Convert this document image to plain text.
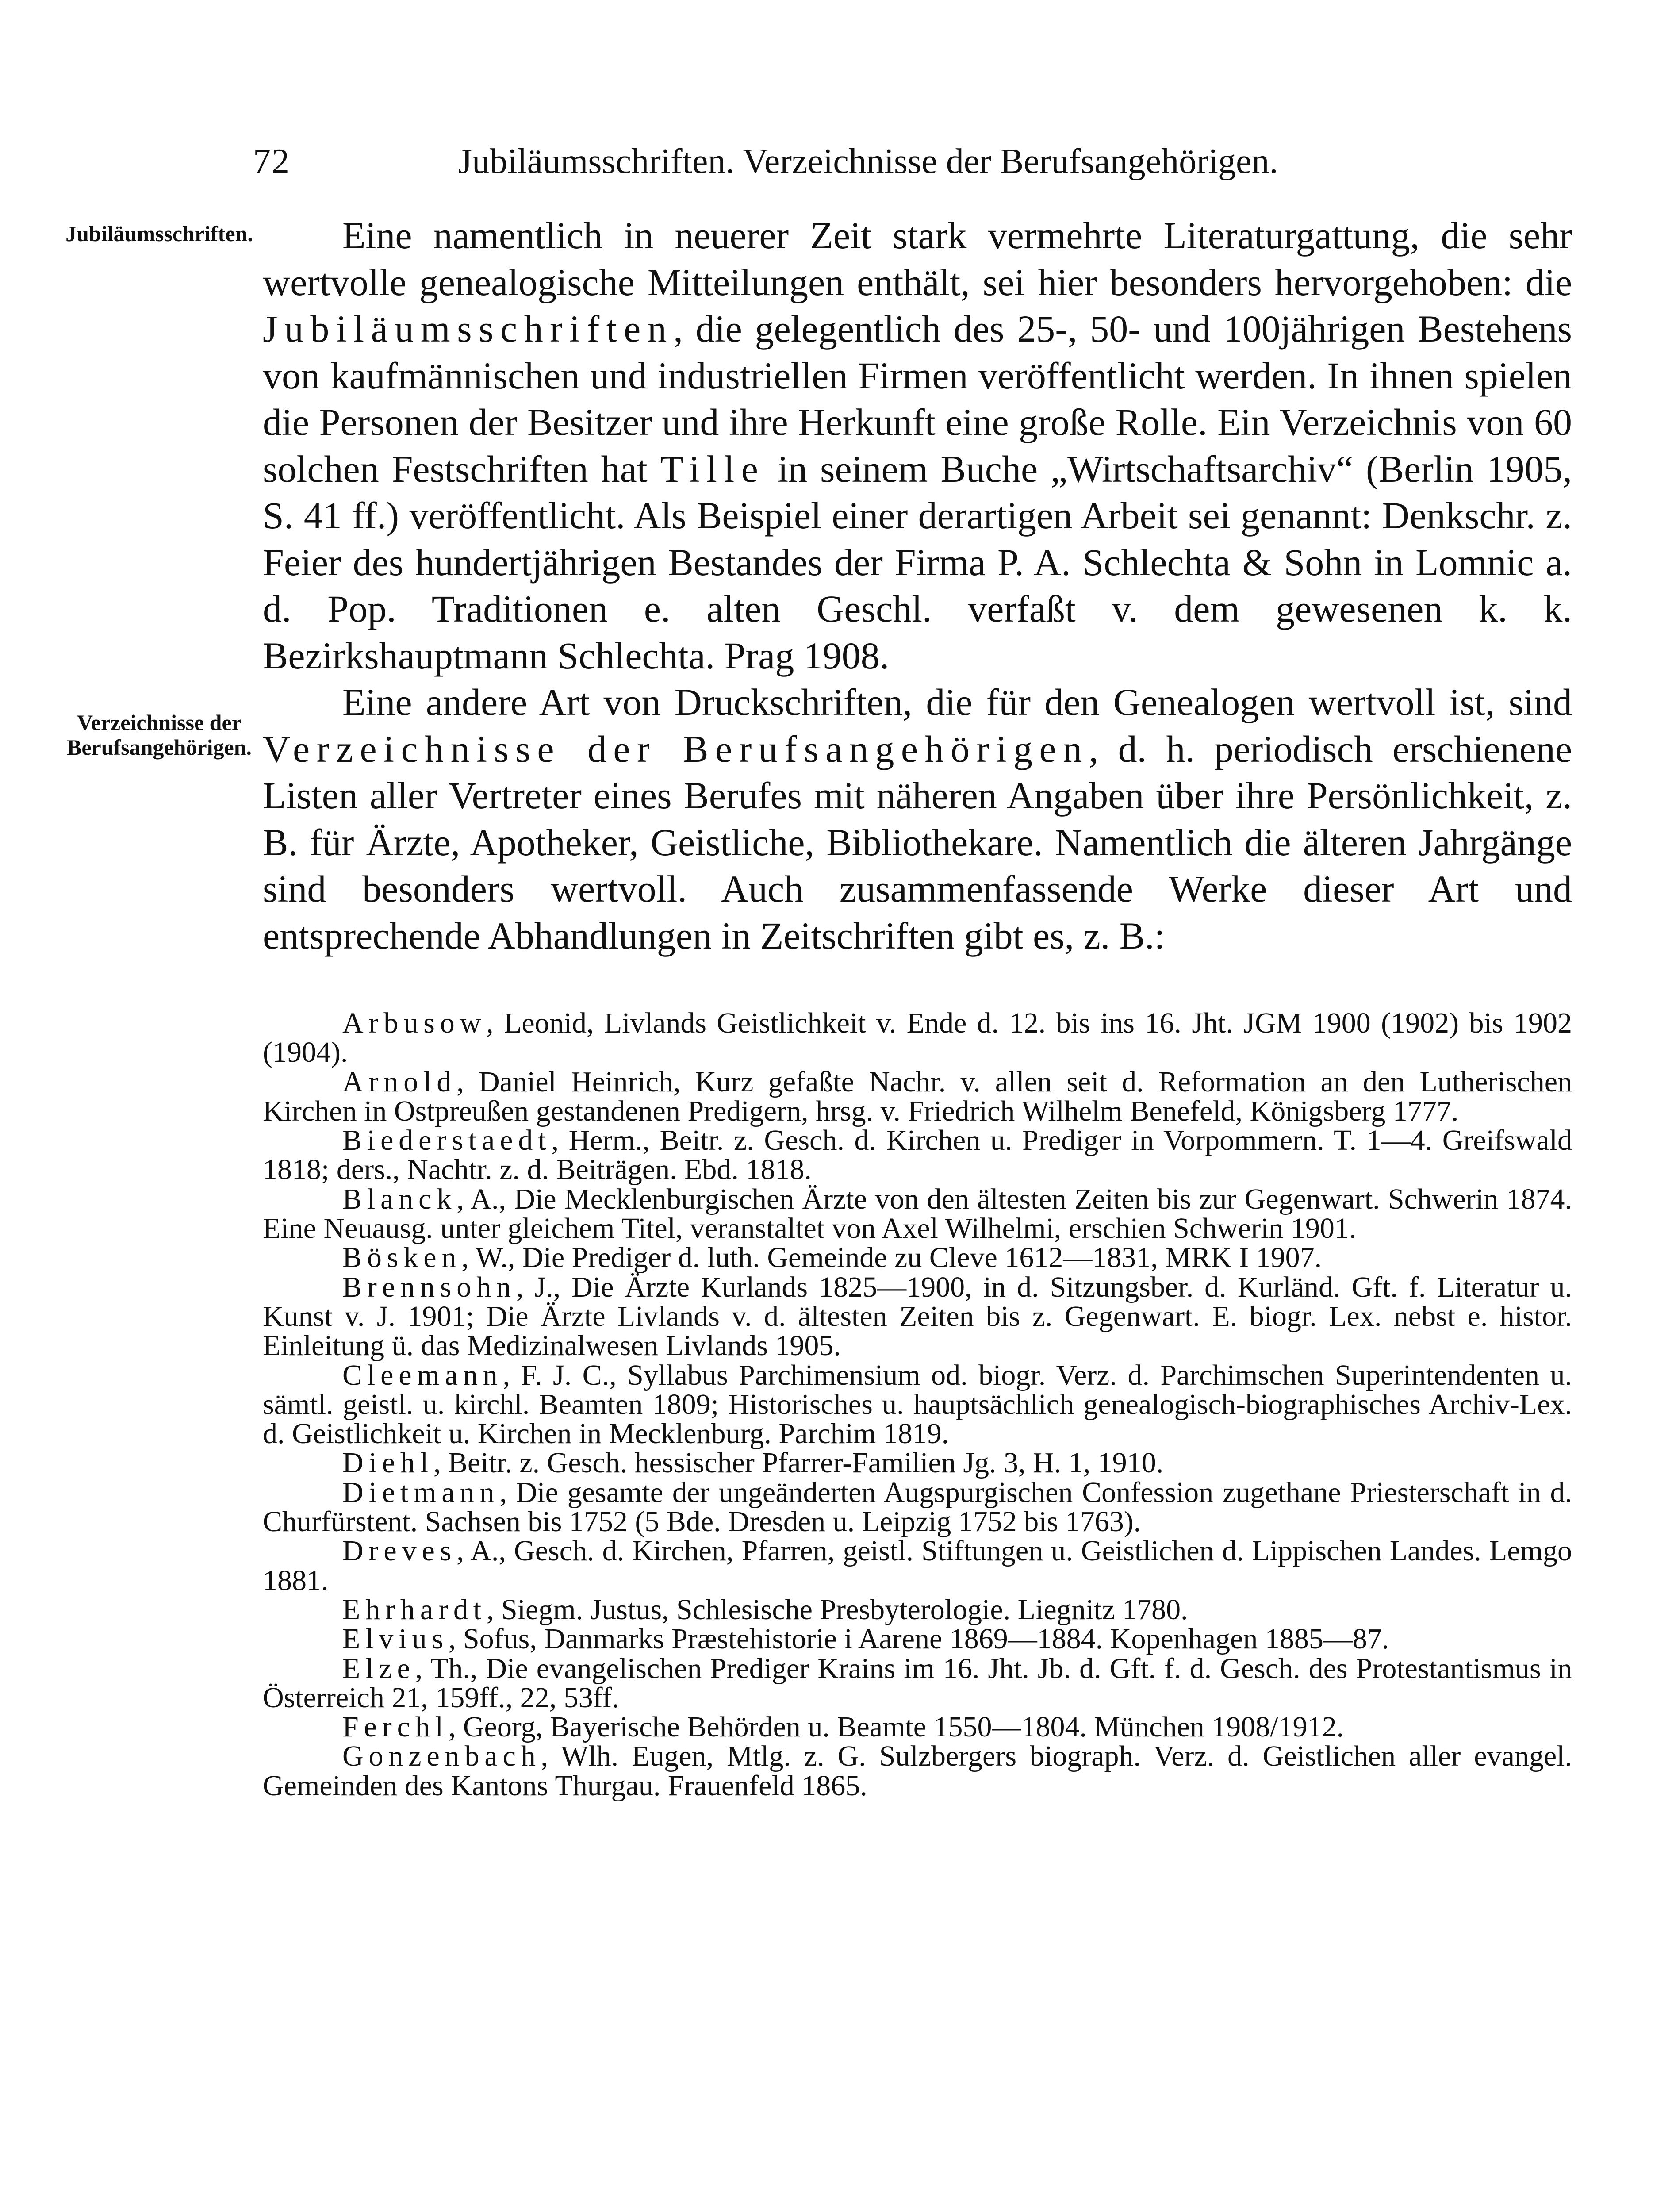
72	Jubiläumsschriften. Verzeichnisse der Berufsangehörigen.
Jubiläumsschriften.
Verzeichnisse der Berufsangehörigen.

Eine namentlich in neuerer Zeit stark vermehrte Literaturgattung, die sehr wertvolle genealogische Mitteilungen enthält, sei hier besonders hervorgehoben: die Jubiläumsschriften, die gelegentlich des 25-, 50- und 100jährigen Bestehens von kaufmännischen und industriellen Firmen veröffentlicht werden. In ihnen spielen die Personen der Besitzer und ihre Herkunft eine große Rolle. Ein Verzeichnis von 60 solchen Festschriften hat Tille in seinem Buche „Wirtschaftsarchiv“ (Berlin 1905, S. 41 ff.) veröffentlicht. Als Beispiel einer derartigen Arbeit sei genannt: Denkschr. z. Feier des hundertjährigen Bestandes der Firma P. A. Schlechta & Sohn in Lomnic a. d. Pop. Traditionen e. alten Geschl. verfaßt v. dem gewesenen k. k. Bezirkshauptmann Schlechta. Prag 1908.

Eine andere Art von Druckschriften, die für den Genealogen wertvoll ist, sind Verzeichnisse der Berufsangehörigen, d. h. periodisch erschienene Listen aller Vertreter eines Berufes mit näheren Angaben über ihre Persönlichkeit, z. B. für Ärzte, Apotheker, Geistliche, Bibliothekare. Namentlich die älteren Jahrgänge sind besonders wertvoll. Auch zusammenfassende Werke dieser Art und entsprechende Abhandlungen in Zeitschriften gibt es, z. B.:

Arbusow, Leonid, Livlands Geistlichkeit v. Ende d. 12. bis ins 16. Jht. JGM 1900 (1902) bis 1902 (1904).

Arnold, Daniel Heinrich, Kurz gefaßte Nachr. v. allen seit d. Reformation an den Lutherischen Kirchen in Ostpreußen gestandenen Predigern, hrsg. v. Friedrich Wilhelm Benefeld, Königsberg 1777.

Biederstaedt, Herm., Beitr. z. Gesch. d. Kirchen u. Prediger in Vorpommern. T. 1—4. Greifswald 1818; ders., Nachtr. z. d. Beiträgen. Ebd. 1818.

Blanck, A., Die Mecklenburgischen Ärzte von den ältesten Zeiten bis zur Gegenwart. Schwerin 1874. Eine Neuausg. unter gleichem Titel, veranstaltet von Axel Wilhelmi, erschien Schwerin 1901.

Bösken, W., Die Prediger d. luth. Gemeinde zu Cleve 1612—1831, MRK I 1907.

Brennsohn, J., Die Ärzte Kurlands 1825—1900, in d. Sitzungsber. d. Kurländ. Gft. f. Literatur u. Kunst v. J. 1901; Die Ärzte Livlands v. d. ältesten Zeiten bis z. Gegenwart. E. biogr. Lex. nebst e. histor. Einleitung ü. das Medizinalwesen Livlands 1905.

Cleemann, F. J. C., Syllabus Parchimensium od. biogr. Verz. d. Parchimschen Superintendenten u. sämtl. geistl. u. kirchl. Beamten 1809; Historisches u. hauptsächlich genealogisch-biographisches Archiv-Lex. d. Geistlichkeit u. Kirchen in Mecklenburg. Parchim 1819.

Diehl, Beitr. z. Gesch. hessischer Pfarrer-Familien Jg. 3, H. 1, 1910.

Dietmann, Die gesamte der ungeänderten Augspurgischen Confession zugethane Priesterschaft in d. Churfürstent. Sachsen bis 1752 (5 Bde. Dresden u. Leipzig 1752 bis 1763).

Dreves, A., Gesch. d. Kirchen, Pfarren, geistl. Stiftungen u. Geistlichen d. Lippischen Landes. Lemgo 1881.

Ehrhardt, Siegm. Justus, Schlesische Presbyterologie. Liegnitz 1780.

Elvius, Sofus, Danmarks Præstehistorie i Aarene 1869—1884. Kopenhagen 1885—87.

Elze, Th., Die evangelischen Prediger Krains im 16. Jht. Jb. d. Gft. f. d. Gesch. des Protestantismus in Österreich 21, 159ff., 22, 53ff.

Ferchl, Georg, Bayerische Behörden u. Beamte 1550—1804. München 1908/1912.

Gonzenbach, Wlh. Eugen, Mtlg. z. G. Sulzbergers biograph. Verz. d. Geistlichen aller evangel. Gemeinden des Kantons Thurgau. Frauenfeld 1865.
